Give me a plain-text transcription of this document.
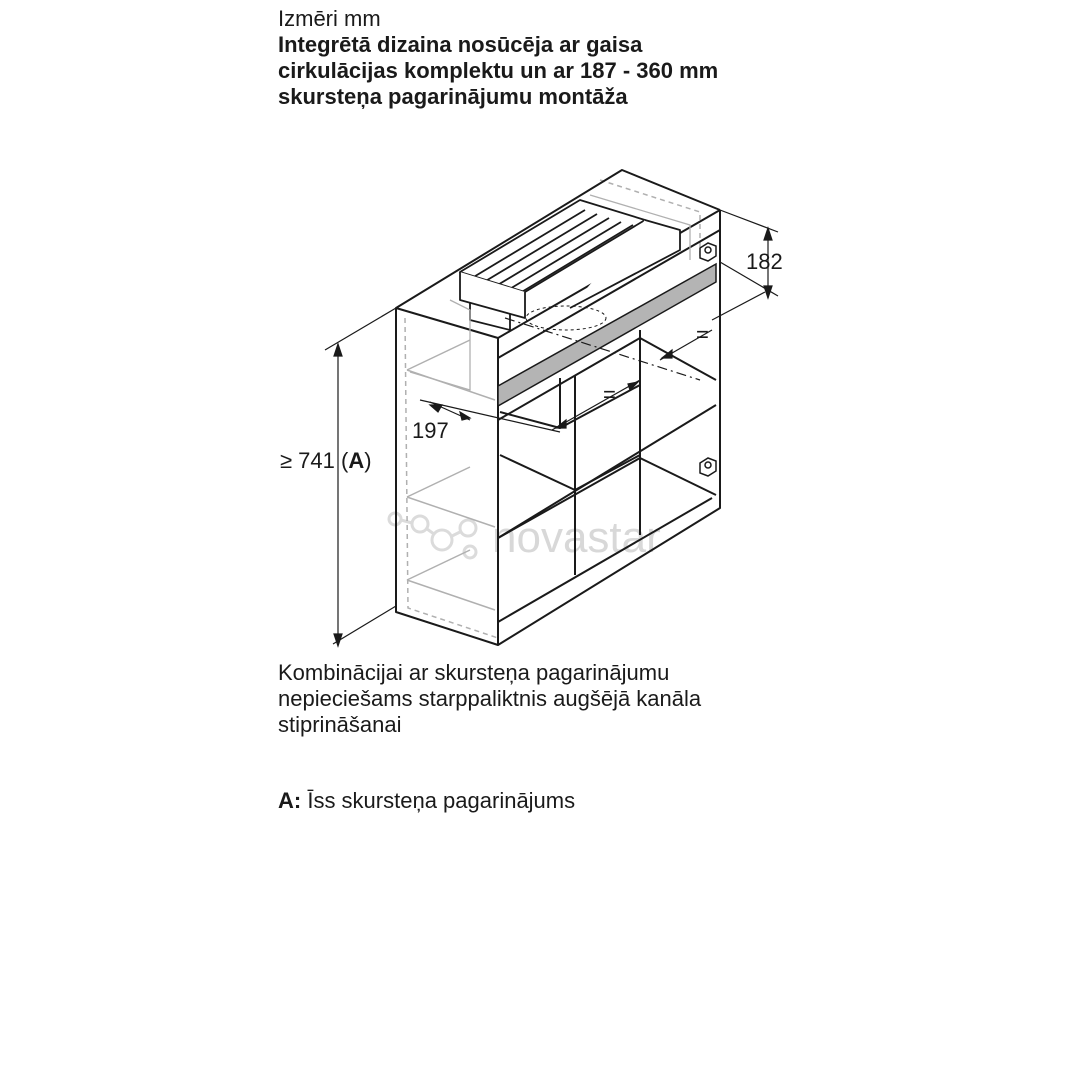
Izmēri mm
Integrētā dizaina nosūcēja ar gaisa
cirkulācijas komplektu un ar 187 - 360 mm
skursteņa pagarinājumu montāža
novastar
≥ 741 (A)
197
182
=
=
Kombinācijai ar skursteņa pagarinājumu
nepieciešams starppaliktnis augšējā kanāla
stiprināšanai
A: Īss skursteņa pagarinājums
